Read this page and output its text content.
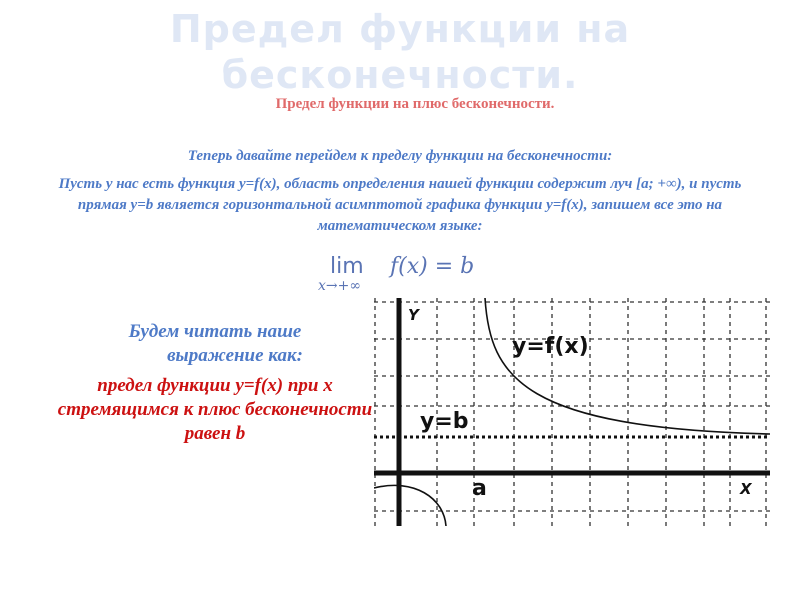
Предел функции на
бесконечности.
Предел функции на плюс бесконечности.

Теперь давайте перейдем к пределу функции на бесконечности:

Пусть у нас есть функция y=f(x), область определения нашей функции содержит луч [a; +∞), и пусть прямая y=b является горизонтальной асимптотой графика функции y=f(x), запишем все это на математическом языке:

lim
x→+∞
f(x) = b
Будем читать наше
выражение как:
предел функции y=f(x) при x стремящимся к плюс бесконечности равен b
Y
X
y=f(x)
y=b
a
